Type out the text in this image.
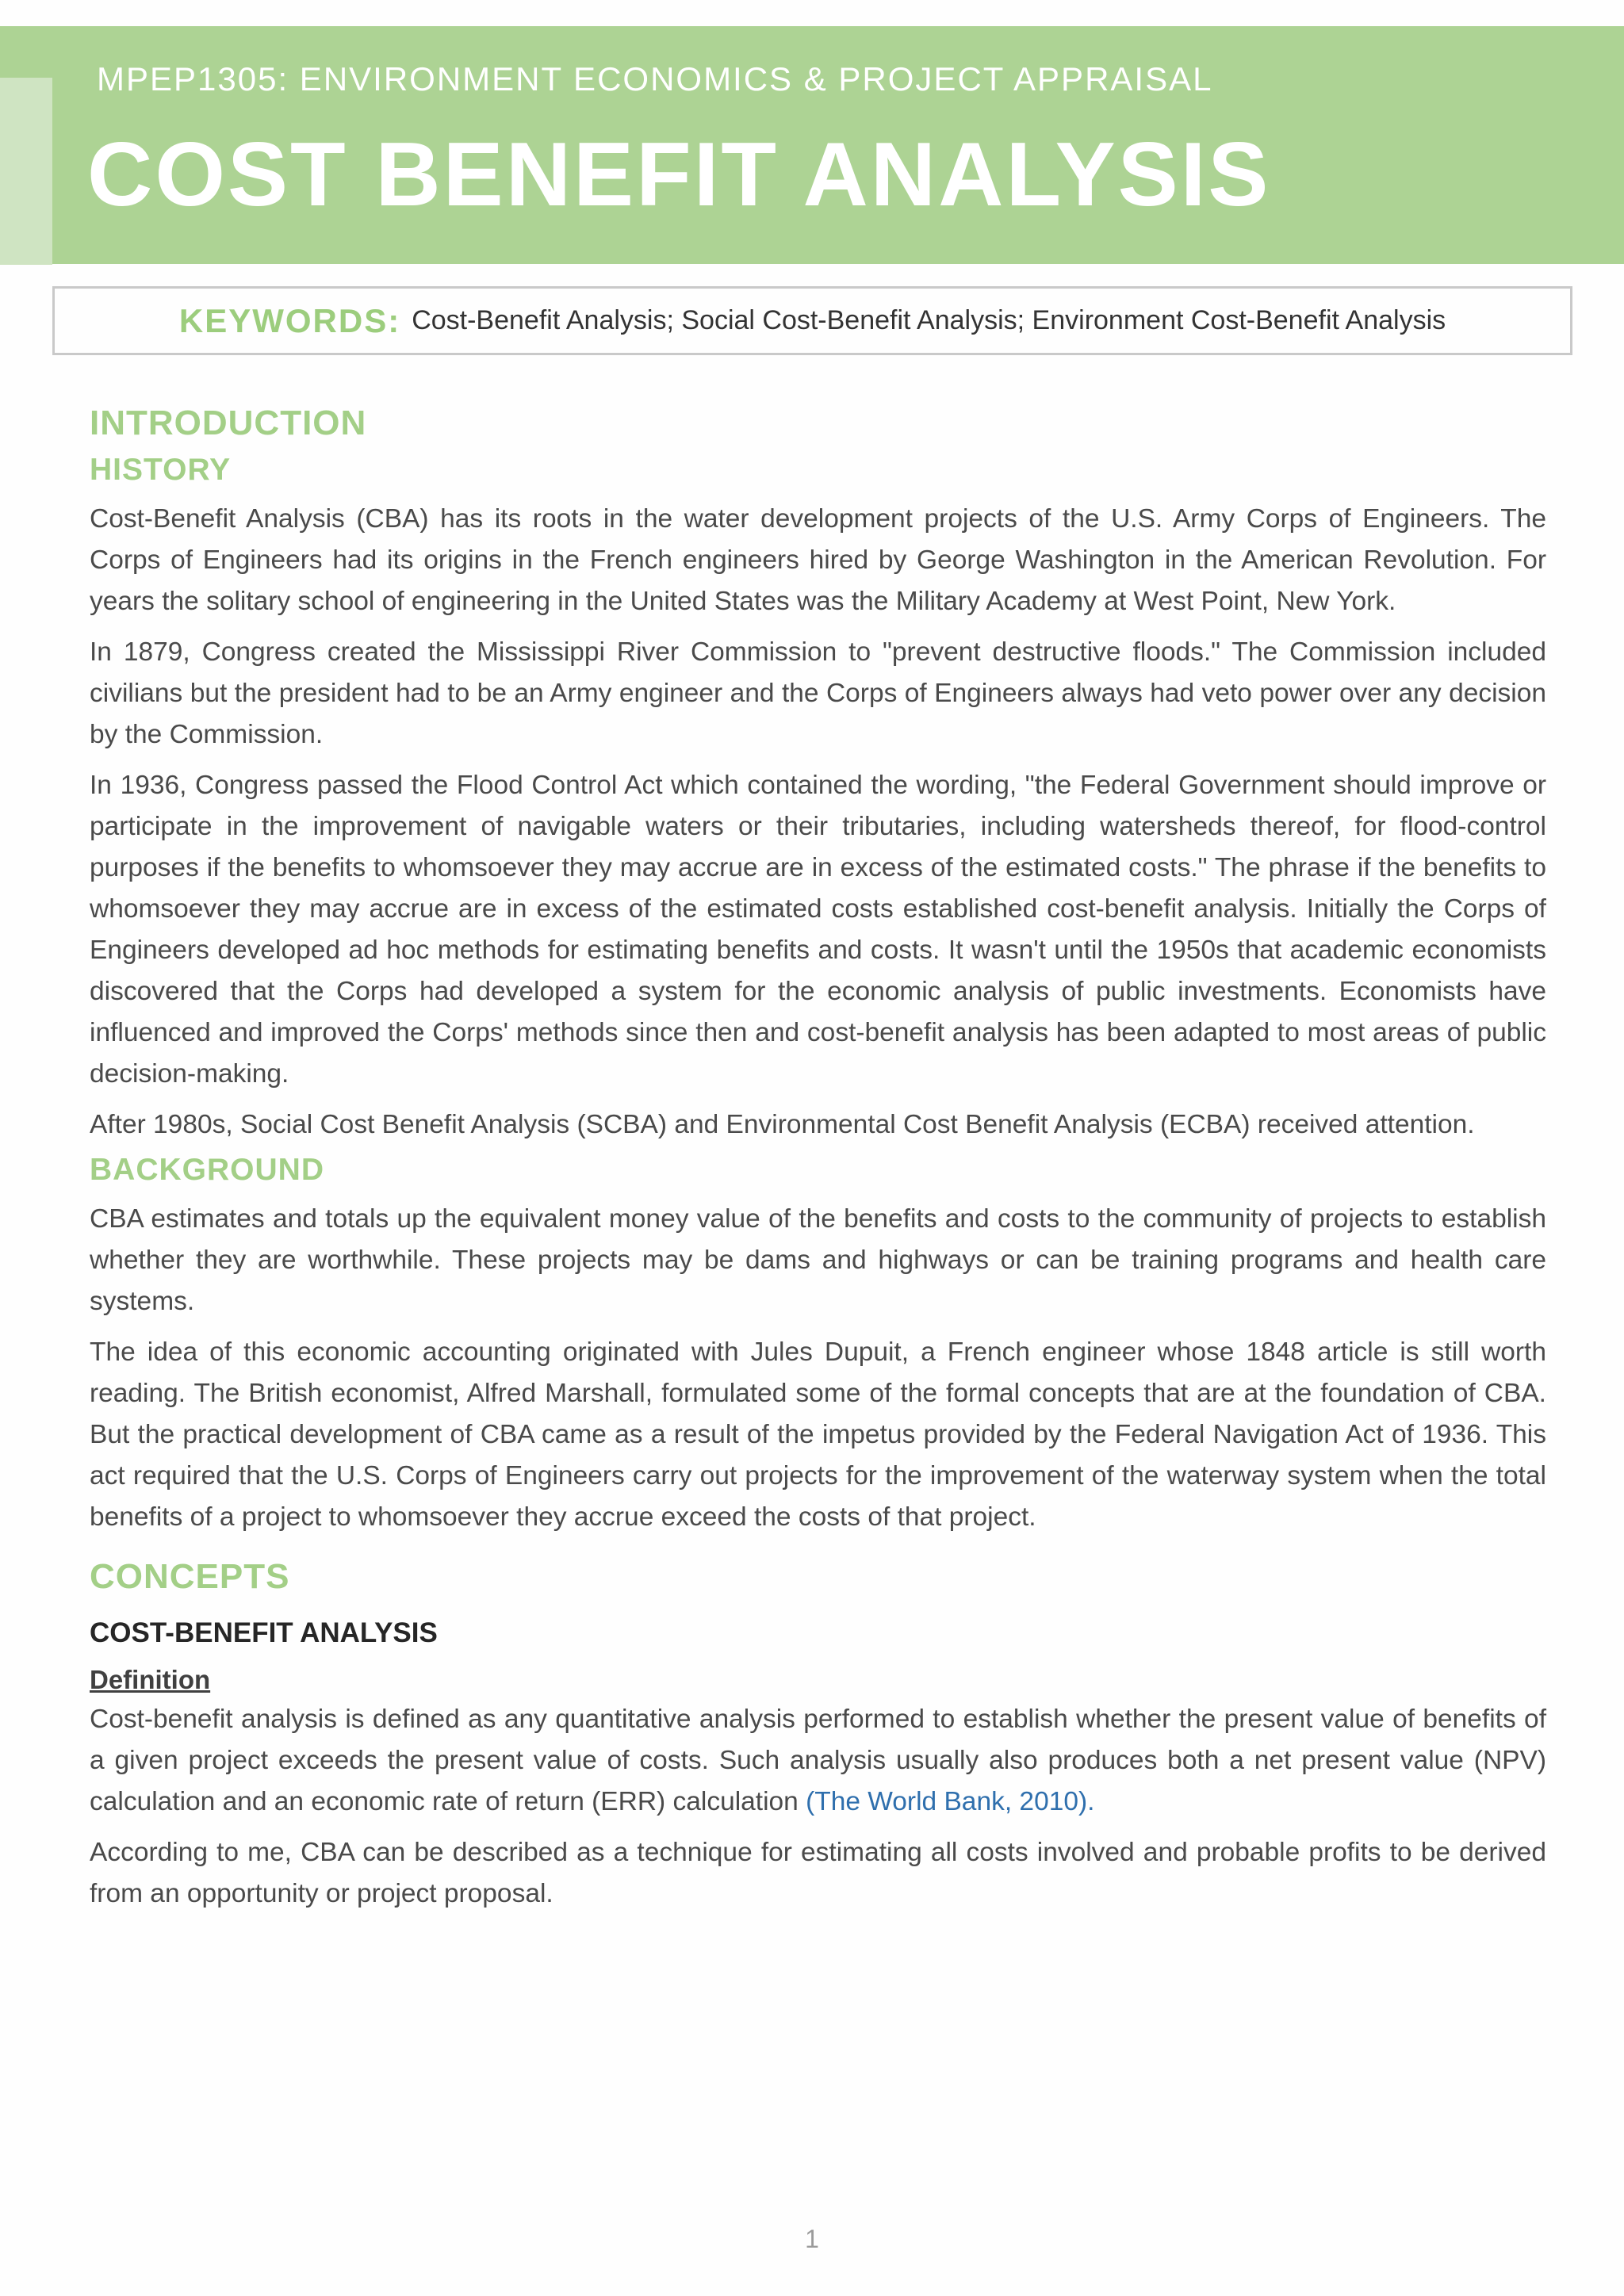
MPEP1305: ENVIRONMENT ECONOMICS & PROJECT APPRAISAL
COST BENEFIT ANALYSIS
KEYWORDS: Cost-Benefit Analysis; Social Cost-Benefit Analysis; Environment Cost-Benefit Analysis
INTRODUCTION
HISTORY

Cost-Benefit Analysis (CBA) has its roots in the water development projects of the U.S. Army Corps of Engineers. The Corps of Engineers had its origins in the French engineers hired by George Washington in the American Revolution. For years the solitary school of engineering in the United States was the Military Academy at West Point, New York.

In 1879, Congress created the Mississippi River Commission to "prevent destructive floods." The Commission included civilians but the president had to be an Army engineer and the Corps of Engineers always had veto power over any decision by the Commission.

In 1936, Congress passed the Flood Control Act which contained the wording, "the Federal Government should improve or participate in the improvement of navigable waters or their tributaries, including watersheds thereof, for flood-control purposes if the benefits to whomsoever they may accrue are in excess of the estimated costs." The phrase if the benefits to whomsoever they may accrue are in excess of the estimated costs established cost-benefit analysis. Initially the Corps of Engineers developed ad hoc methods for estimating benefits and costs. It wasn't until the 1950s that academic economists discovered that the Corps had developed a system for the economic analysis of public investments. Economists have influenced and improved the Corps' methods since then and cost-benefit analysis has been adapted to most areas of public decision-making.

After 1980s, Social Cost Benefit Analysis (SCBA) and Environmental Cost Benefit Analysis (ECBA) received attention.

BACKGROUND

CBA estimates and totals up the equivalent money value of the benefits and costs to the community of projects to establish whether they are worthwhile. These projects may be dams and highways or can be training programs and health care systems.

The idea of this economic accounting originated with Jules Dupuit, a French engineer whose 1848 article is still worth reading. The British economist, Alfred Marshall, formulated some of the formal concepts that are at the foundation of CBA. But the practical development of CBA came as a result of the impetus provided by the Federal Navigation Act of 1936. This act required that the U.S. Corps of Engineers carry out projects for the improvement of the waterway system when the total benefits of a project to whomsoever they accrue exceed the costs of that project.

CONCEPTS
COST-BENEFIT ANALYSIS
Definition

Cost-benefit analysis is defined as any quantitative analysis performed to establish whether the present value of benefits of a given project exceeds the present value of costs. Such analysis usually also produces both a net present value (NPV) calculation and an economic rate of return (ERR) calculation (The World Bank, 2010).

According to me, CBA can be described as a technique for estimating all costs involved and probable profits to be derived from an opportunity or project proposal.

1
